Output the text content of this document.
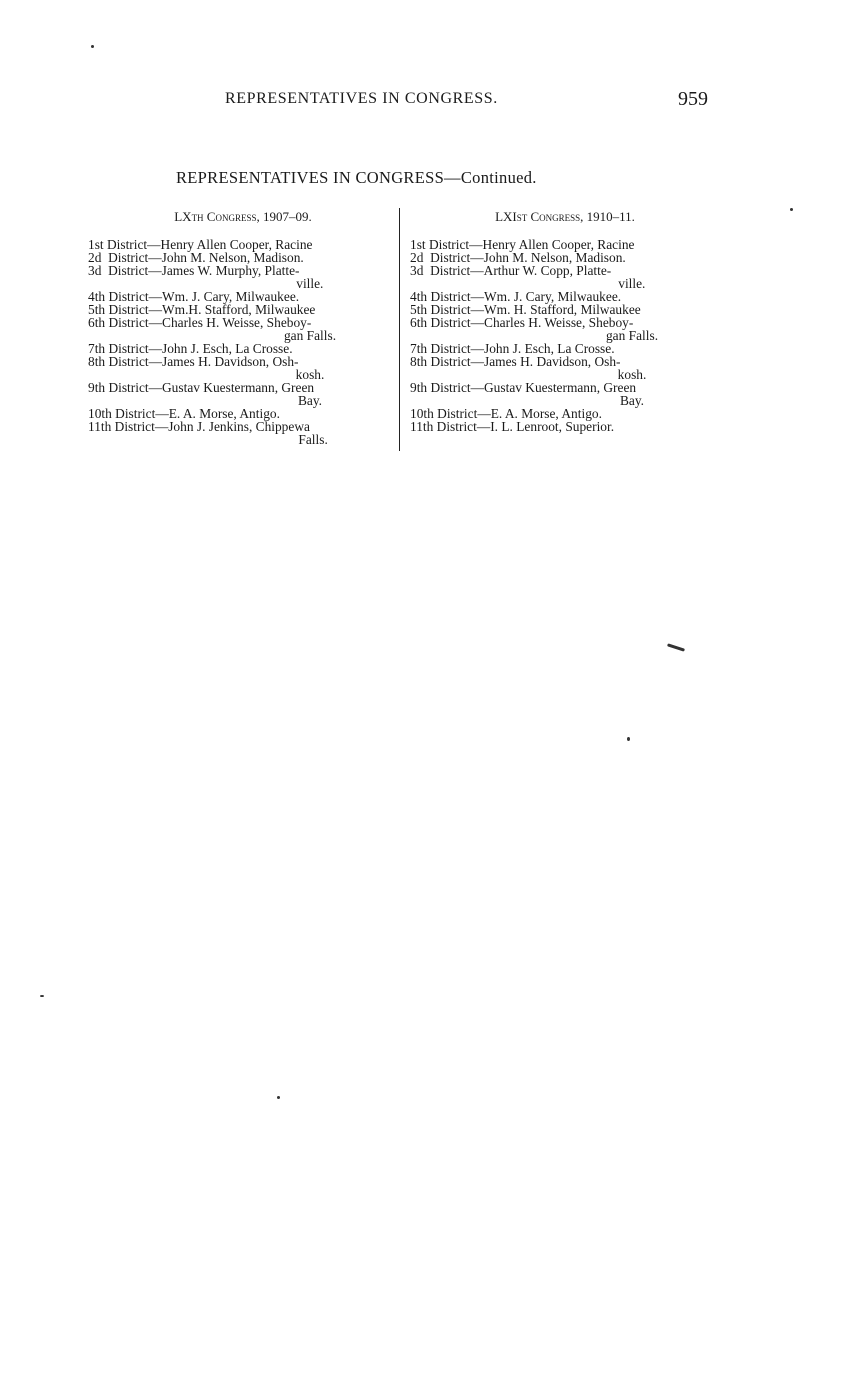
REPRESENTATIVES IN CONGRESS.	959
REPRESENTATIVES IN CONGRESS—Continued.
LXth Congress, 1907–09.
1st District— Henry Allen Cooper, Racine
2d  District— John M. Nelson, Madison.
3d  District— James W. Murphy, Platte-
ville.
4th District— Wm. J. Cary, Milwaukee.
5th District— Wm.H. Stafford, Milwaukee
6th District— Charles H. Weisse, Sheboy-
gan Falls.
7th District— John J. Esch, La Crosse.
8th District— James H. Davidson, Osh-
kosh.
9th District— Gustav Kuestermann, Green
Bay.
10th District— E. A. Morse, Antigo.
11th District— John J. Jenkins, Chippewa
Falls.
LXIst Congress, 1910–11.
1st District— Henry Allen Cooper, Racine
2d  District— John M. Nelson, Madison.
3d  District— Arthur W. Copp, Platte-
ville.
4th District— Wm. J. Cary, Milwaukee.
5th District— Wm. H. Stafford, Milwaukee
6th District— Charles H. Weisse, Sheboy-
gan Falls.
7th District— John J. Esch, La Crosse.
8th District— James H. Davidson, Osh-
kosh.
9th District— Gustav Kuestermann, Green
Bay.
10th District— E. A. Morse, Antigo.
11th District— I. L. Lenroot, Superior.
